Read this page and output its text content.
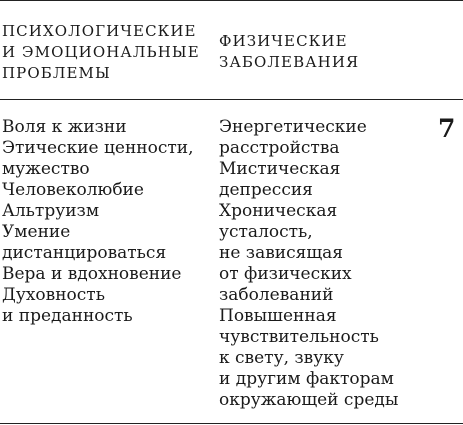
ПСИХОЛОГИЧЕСКИЕ
И ЭМОЦИОНАЛЬНЫЕ
ПРОБЛЕМЫ
ФИЗИЧЕСКИЕ
ЗАБОЛЕВАНИЯ
Воля к жизни
Этические ценности,
мужество
Человеколюбие
Альтруизм
Умение
дистанцироваться
Вера и вдохновение
Духовность
и преданность
Энергетические
расстройства
Мистическая
депрессия
Хроническая
усталость,
не зависящая
от физических
заболеваний
Повышенная
чувствительность
к свету, звуку
и другим факторам
окружающей среды
7
